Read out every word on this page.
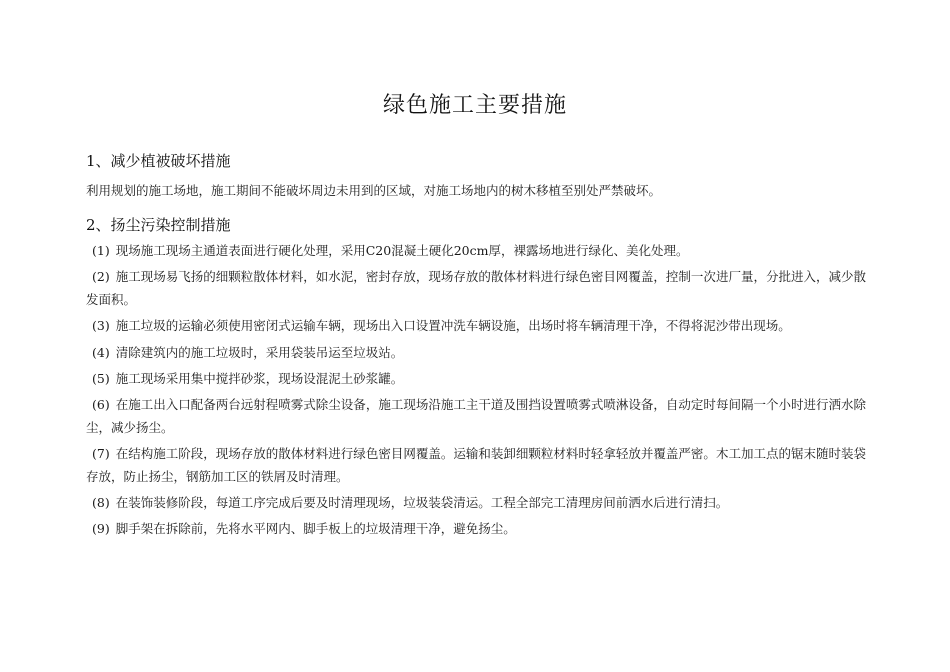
绿色施工主要措施

1、减少植被破坏措施

利用规划的施工场地，施工期间不能破坏周边未用到的区域，对施工场地内的树木移植至别处严禁破坏。

2、扬尘污染控制措施

(1) 现场施工现场主通道表面进行硬化处理，采用C20混凝土硬化20cm厚，裸露场地进行绿化、美化处理。

(2) 施工现场易飞扬的细颗粒散体材料，如水泥，密封存放，现场存放的散体材料进行绿色密目网覆盖，控制一次进厂量，分批进入，减少散发面积。

(3) 施工垃圾的运输必须使用密闭式运输车辆，现场出入口设置冲洗车辆设施，出场时将车辆清理干净，不得将泥沙带出现场。

(4) 清除建筑内的施工垃圾时，采用袋装吊运至垃圾站。

(5) 施工现场采用集中搅拌砂浆，现场设混泥土砂浆罐。

(6) 在施工出入口配备两台远射程喷雾式除尘设备，施工现场沿施工主干道及围挡设置喷雾式喷淋设备，自动定时每间隔一个小时进行洒水除尘，减少扬尘。

(7) 在结构施工阶段，现场存放的散体材料进行绿色密目网覆盖。运输和装卸细颗粒材料时轻拿轻放并覆盖严密。木工加工点的锯末随时装袋存放，防止扬尘，钢筋加工区的铁屑及时清理。

(8) 在装饰装修阶段，每道工序完成后要及时清理现场，垃圾装袋清运。工程全部完工清理房间前洒水后进行清扫。

(9) 脚手架在拆除前，先将水平网内、脚手板上的垃圾清理干净，避免扬尘。
